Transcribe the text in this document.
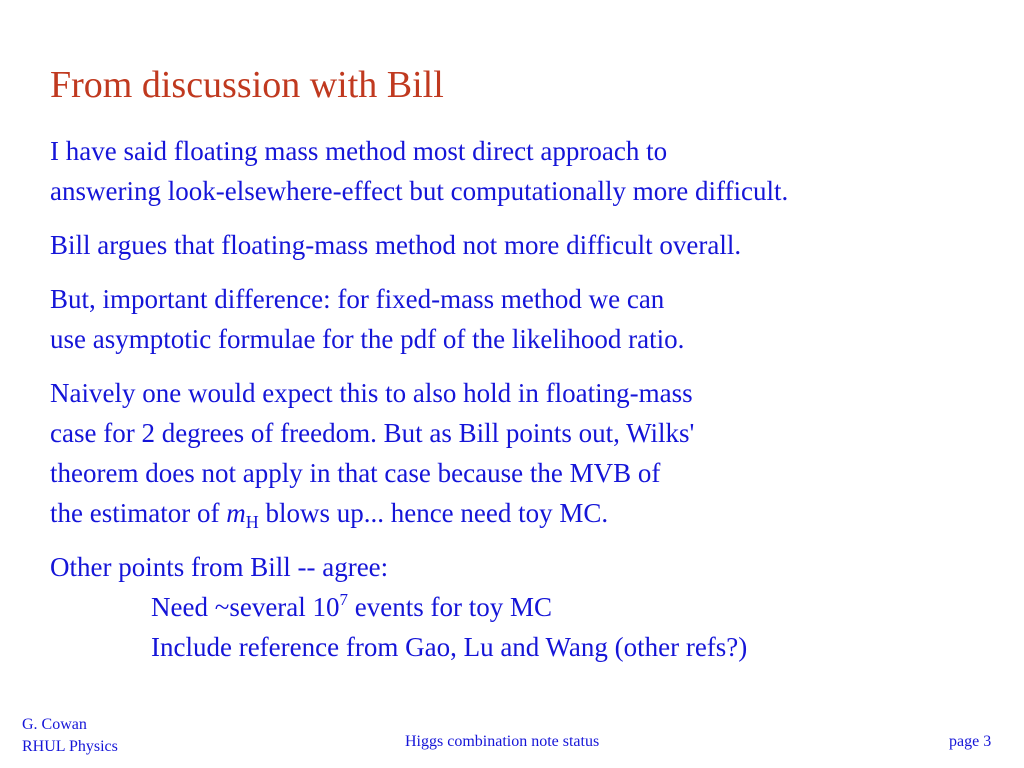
From discussion with Bill
I have said floating mass method most direct approach to
answering look-elsewhere-effect but computationally more difficult.
Bill argues that floating-mass method not more difficult overall.
But, important difference: for fixed-mass method we can
use asymptotic formulae for the pdf of the likelihood ratio.
Naively one would expect this to also hold in floating-mass
case for 2 degrees of freedom. But as Bill points out, Wilks'
theorem does not apply in that case because the MVB of
the estimator of $m_H$ blows up... hence need toy MC.
Other points from Bill -- agree:
Need ~several $10^7$ events for toy MC
Include reference from Gao, Lu and Wang (other refs?)
G. Cowan
RHUL Physics	Higgs combination note status	page 3
